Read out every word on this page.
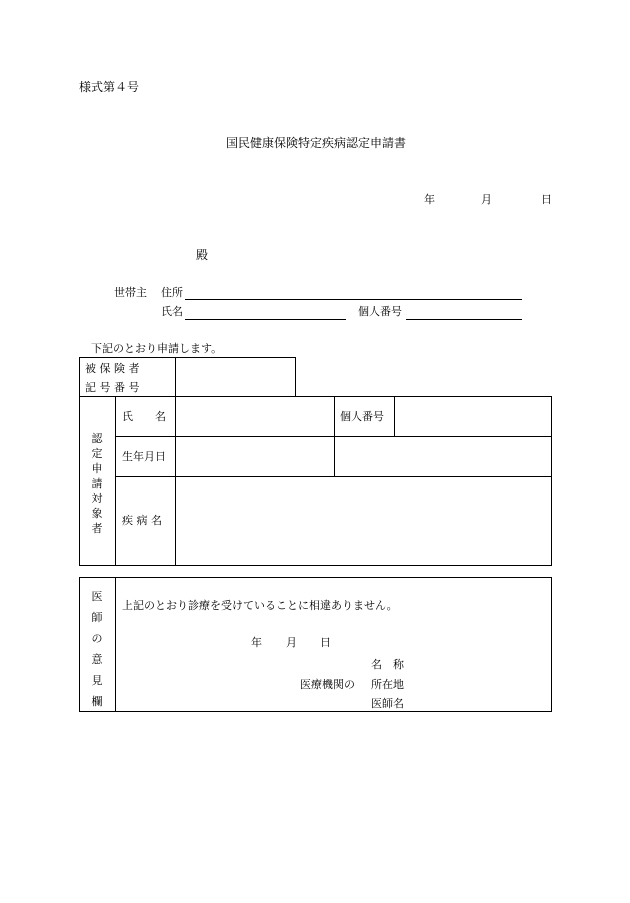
様式第４号
国民健康保険特定疾病認定申請書
年	月	日
殿
世帯主 住所
氏名	個人番号
下記のとおり申請します。
被 保 険 者
記 号 番 号
認
定
申
請
対
象
者
氏　　名	個人番号
生年月日
疾 病 名
医
師
の
意
見
欄
上記のとおり診療を受けていることに相違ありません。
年 月 日
名　称
医療機関の 所在地
医師名
